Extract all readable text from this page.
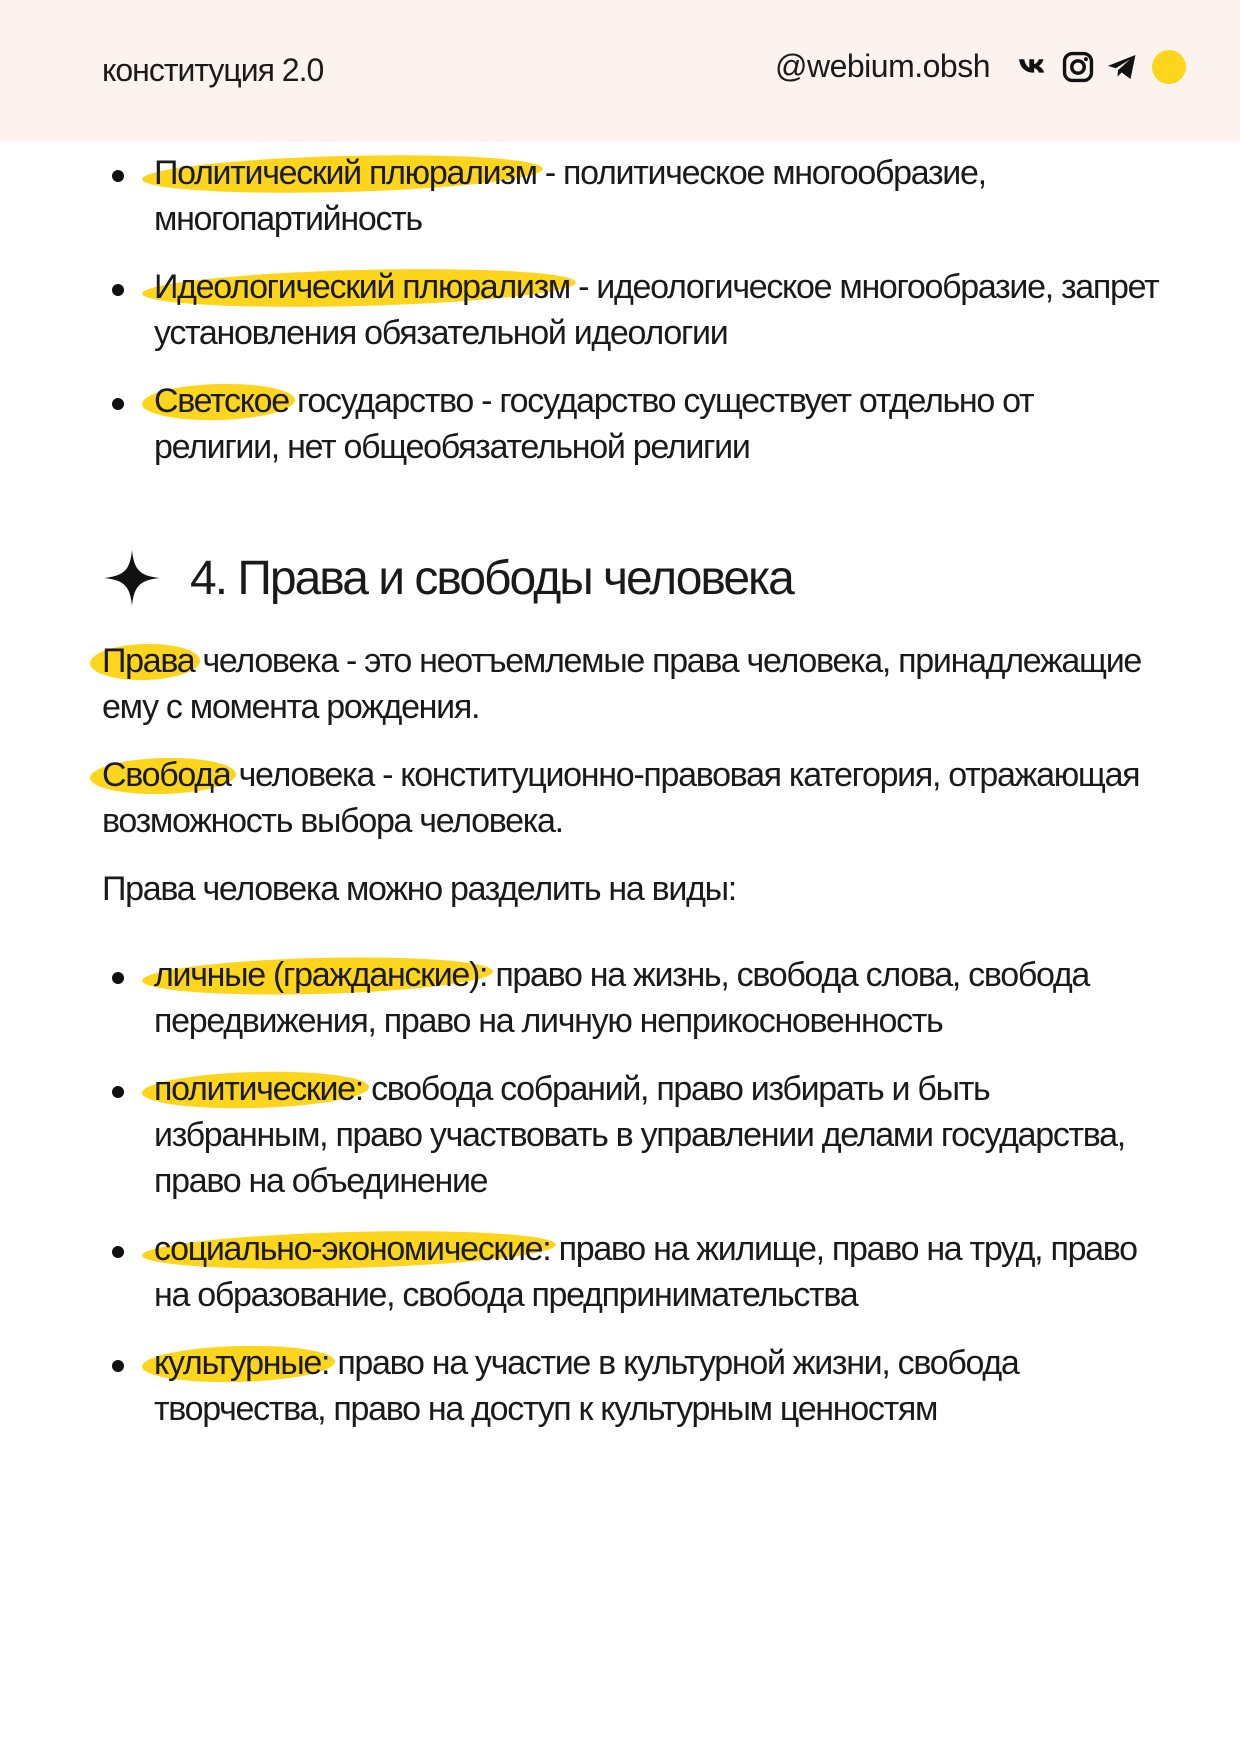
конституция 2.0	@webium.obsh
Политический плюрализм - политическое многообразие, многопартийность
Идеологический плюрализм - идеологическое многообразие, запрет установления обязательной идеологии
Светское государство - государство существует отдельно от религии, нет общеобязательной религии
4. Права и свободы человека

Права человека - это неотъемлемые права человека, принадлежащие ему с момента рождения.

Свобода человека - конституционно-правовая категория, отражающая возможность выбора человека.

Права человека можно разделить на виды:

личные (гражданские): право на жизнь, свобода слова, свобода передвижения, право на личную неприкосновенность
политические: свобода собраний, право избирать и быть избранным, право участвовать в управлении делами государства, право на объединение
социально-экономические: право на жилище, право на труд, право на образование, свобода предпринимательства
культурные: право на участие в культурной жизни, свобода творчества, право на доступ к культурным ценностям
